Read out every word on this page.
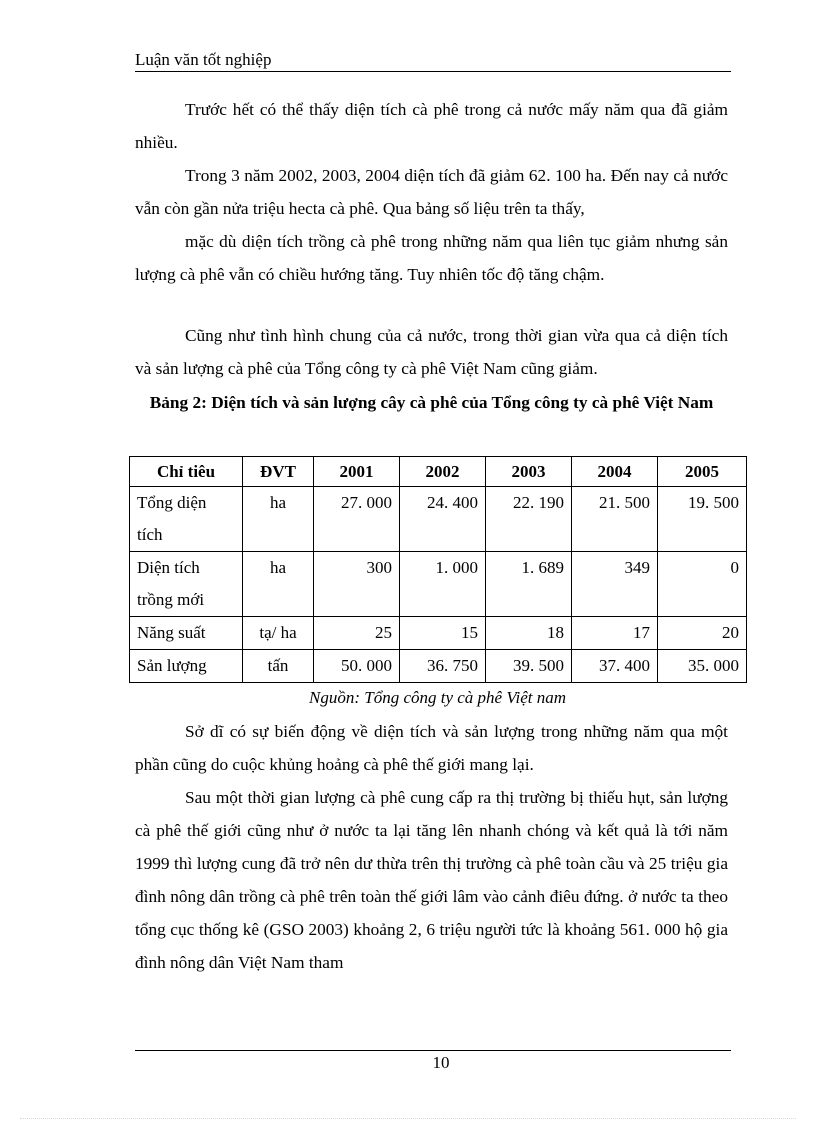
Luận văn tốt nghiệp

Trước hết có thể thấy diện tích cà phê trong cả nước mấy năm qua đã giảm nhiều.

Trong 3 năm 2002, 2003, 2004 diện tích đã giảm 62. 100 ha. Đến nay cả nước vẫn còn gần nửa triệu hecta cà phê. Qua bảng số liệu trên ta thấy,

mặc dù diện tích trồng cà phê trong những năm qua liên tục giảm nhưng sản lượng cà phê vẫn có chiều hướng tăng. Tuy nhiên tốc độ tăng chậm.

Cũng như tình hình chung của cả nước, trong thời gian vừa qua cả diện tích và sản lượng cà phê của Tổng công ty cà phê Việt Nam cũng giảm.

Bảng 2: Diện tích và sản lượng cây cà phê của Tổng công ty cà phê Việt Nam
Chỉ tiêu	ĐVT	2001	2002	2003	2004	2005
Tổng diện tích	ha	27. 000	24. 400	22. 190	21. 500	19. 500
Diện tích trồng mới	ha	300	1. 000	1. 689	349	0
Năng suất	tạ/ ha	25	15	18	17	20
Sản lượng	tấn	50. 000	36. 750	39. 500	37. 400	35. 000
Nguồn: Tổng công ty cà phê Việt nam

Sở dĩ có sự biến động về diện tích và sản lượng trong những năm qua một phần cũng do cuộc khủng hoảng cà phê thế giới mang lại.

Sau một thời gian lượng cà phê cung cấp ra thị trường bị thiếu hụt, sản lượng cà phê thế giới cũng như ở nước ta lại tăng lên nhanh chóng và kết quả là tới năm 1999 thì lượng cung đã trở nên dư thừa trên thị trường cà phê toàn cầu và 25 triệu gia đình nông dân trồng cà phê trên toàn thế giới lâm vào cảnh điêu đứng. ở nước ta theo tổng cục thống kê (GSO 2003) khoảng 2, 6 triệu người tức là khoảng 561. 000 hộ gia đình nông dân Việt Nam tham

10
